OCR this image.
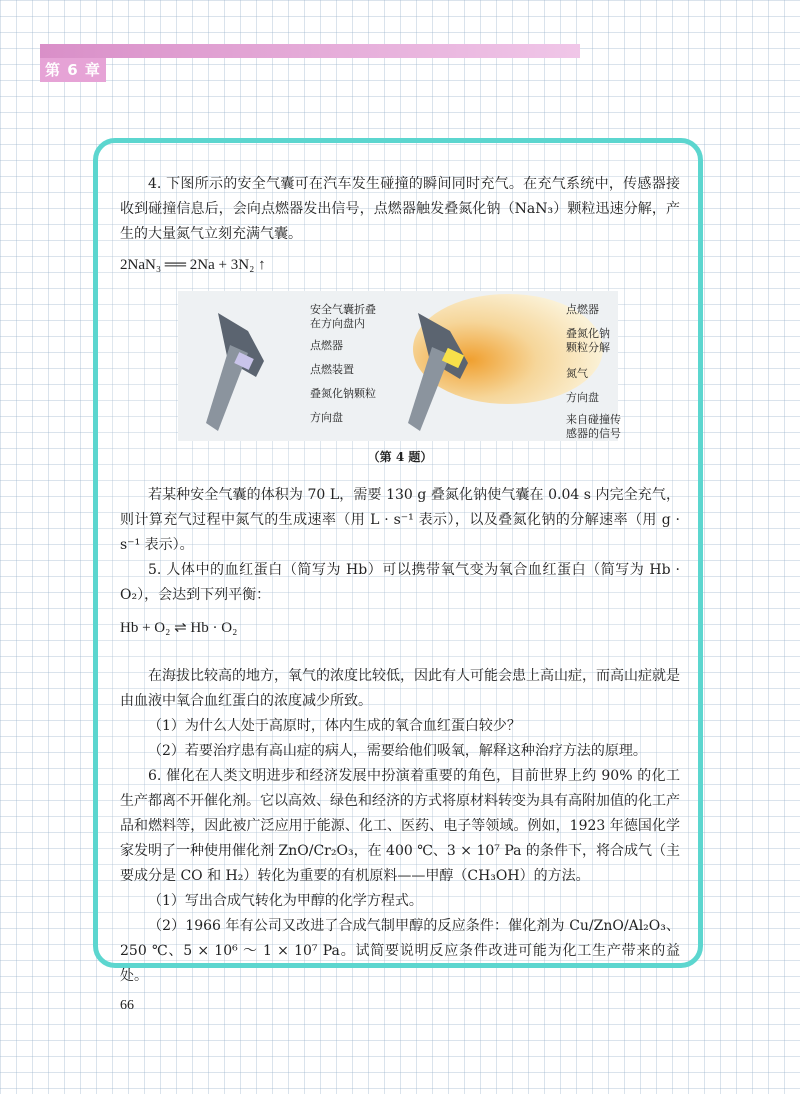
第 6 章

4. 下图所示的安全气囊可在汽车发生碰撞的瞬间同时充气。在充气系统中，传感器接收到碰撞信息后，会向点燃器发出信号，点燃器触发叠氮化钠（NaN₃）颗粒迅速分解，产生的大量氮气立刻充满气囊。

2NaN₃ ══ 2Na + 3N₂ ↑

安全气囊折叠
在方向盘内
点燃器
点燃装置
叠氮化钠颗粒
方向盘
点燃器
叠氮化钠
颗粒分解
氮气
方向盘
来自碰撞传
感器的信号
（第 4 题）

若某种安全气囊的体积为 70 L，需要 130 g 叠氮化钠使气囊在 0.04 s 内完全充气，则计算充气过程中氮气的生成速率（用 L · s⁻¹ 表示），以及叠氮化钠的分解速率（用 g · s⁻¹ 表示）。

5. 人体中的血红蛋白（简写为 Hb）可以携带氧气变为氧合血红蛋白（简写为 Hb · O₂），会达到下列平衡：

Hb + O₂ ⇌ Hb · O₂

在海拔比较高的地方，氧气的浓度比较低，因此有人可能会患上高山症，而高山症就是由血液中氧合血红蛋白的浓度减少所致。

（1）为什么人处于高原时，体内生成的氧合血红蛋白较少？

（2）若要治疗患有高山症的病人，需要给他们吸氧，解释这种治疗方法的原理。

6. 催化在人类文明进步和经济发展中扮演着重要的角色，目前世界上约 90% 的化工生产都离不开催化剂。它以高效、绿色和经济的方式将原材料转变为具有高附加值的化工产品和燃料等，因此被广泛应用于能源、化工、医药、电子等领域。例如，1923 年德国化学家发明了一种使用催化剂 ZnO/Cr₂O₃，在 400 ℃、3 × 10⁷ Pa 的条件下，将合成气（主要成分是 CO 和 H₂）转化为重要的有机原料——甲醇（CH₃OH）的方法。

（1）写出合成气转化为甲醇的化学方程式。

（2）1966 年有公司又改进了合成气制甲醇的反应条件：催化剂为 Cu/ZnO/Al₂O₃、250 ℃、5 × 10⁶ ～ 1 × 10⁷ Pa。试简要说明反应条件改进可能为化工生产带来的益处。

66
